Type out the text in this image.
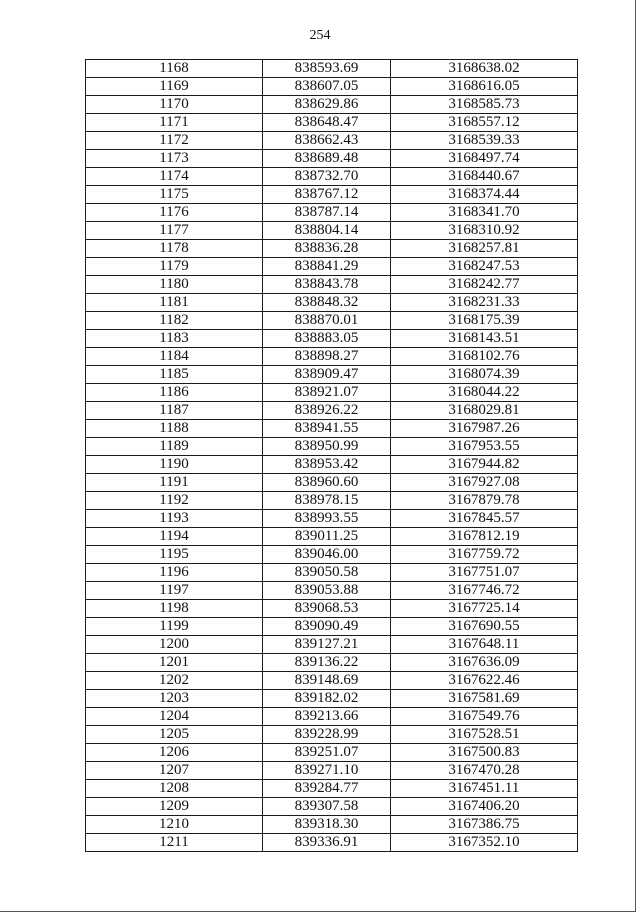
254
1168	838593.69	3168638.02
1169	838607.05	3168616.05
1170	838629.86	3168585.73
1171	838648.47	3168557.12
1172	838662.43	3168539.33
1173	838689.48	3168497.74
1174	838732.70	3168440.67
1175	838767.12	3168374.44
1176	838787.14	3168341.70
1177	838804.14	3168310.92
1178	838836.28	3168257.81
1179	838841.29	3168247.53
1180	838843.78	3168242.77
1181	838848.32	3168231.33
1182	838870.01	3168175.39
1183	838883.05	3168143.51
1184	838898.27	3168102.76
1185	838909.47	3168074.39
1186	838921.07	3168044.22
1187	838926.22	3168029.81
1188	838941.55	3167987.26
1189	838950.99	3167953.55
1190	838953.42	3167944.82
1191	838960.60	3167927.08
1192	838978.15	3167879.78
1193	838993.55	3167845.57
1194	839011.25	3167812.19
1195	839046.00	3167759.72
1196	839050.58	3167751.07
1197	839053.88	3167746.72
1198	839068.53	3167725.14
1199	839090.49	3167690.55
1200	839127.21	3167648.11
1201	839136.22	3167636.09
1202	839148.69	3167622.46
1203	839182.02	3167581.69
1204	839213.66	3167549.76
1205	839228.99	3167528.51
1206	839251.07	3167500.83
1207	839271.10	3167470.28
1208	839284.77	3167451.11
1209	839307.58	3167406.20
1210	839318.30	3167386.75
1211	839336.91	3167352.10
